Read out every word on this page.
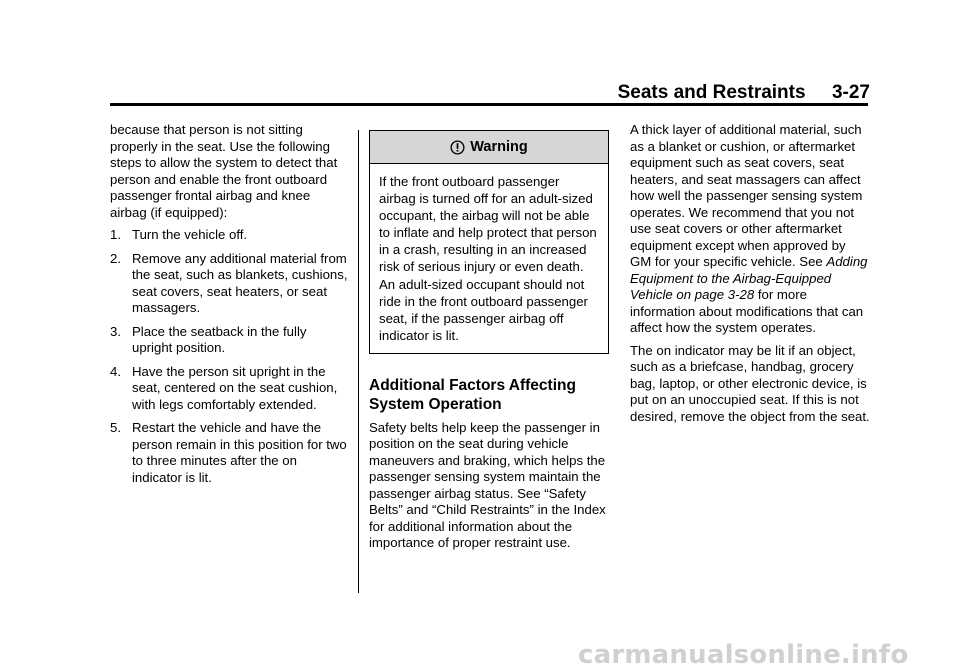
Seats and Restraints 3-27

because that person is not sitting properly in the seat. Use the following steps to allow the system to detect that person and enable the front outboard passenger frontal airbag and knee airbag (if equipped):

1. Turn the vehicle off.
2. Remove any additional material from the seat, such as blankets, cushions, seat covers, seat heaters, or seat massagers.
3. Place the seatback in the fully upright position.
4. Have the person sit upright in the seat, centered on the seat cushion, with legs comfortably extended.
5. Restart the vehicle and have the person remain in this position for two to three minutes after the on indicator is lit.
Warning
If the front outboard passenger airbag is turned off for an adult-sized occupant, the airbag will not be able to inflate and help protect that person in a crash, resulting in an increased risk of serious injury or even death. An adult-sized occupant should not ride in the front outboard passenger seat, if the passenger airbag off indicator is lit.
Additional Factors Affecting System Operation

Safety belts help keep the passenger in position on the seat during vehicle maneuvers and braking, which helps the passenger sensing system maintain the passenger airbag status. See “Safety Belts” and “Child Restraints” in the Index for additional information about the importance of proper restraint use.

A thick layer of additional material, such as a blanket or cushion, or aftermarket equipment such as seat covers, seat heaters, and seat massagers can affect how well the passenger sensing system operates. We recommend that you not use seat covers or other aftermarket equipment except when approved by GM for your specific vehicle. See Adding Equipment to the Airbag-Equipped Vehicle on page 3-28 for more information about modifications that can affect how the system operates.

The on indicator may be lit if an object, such as a briefcase, handbag, grocery bag, laptop, or other electronic device, is put on an unoccupied seat. If this is not desired, remove the object from the seat.

carmanualsonline.info
